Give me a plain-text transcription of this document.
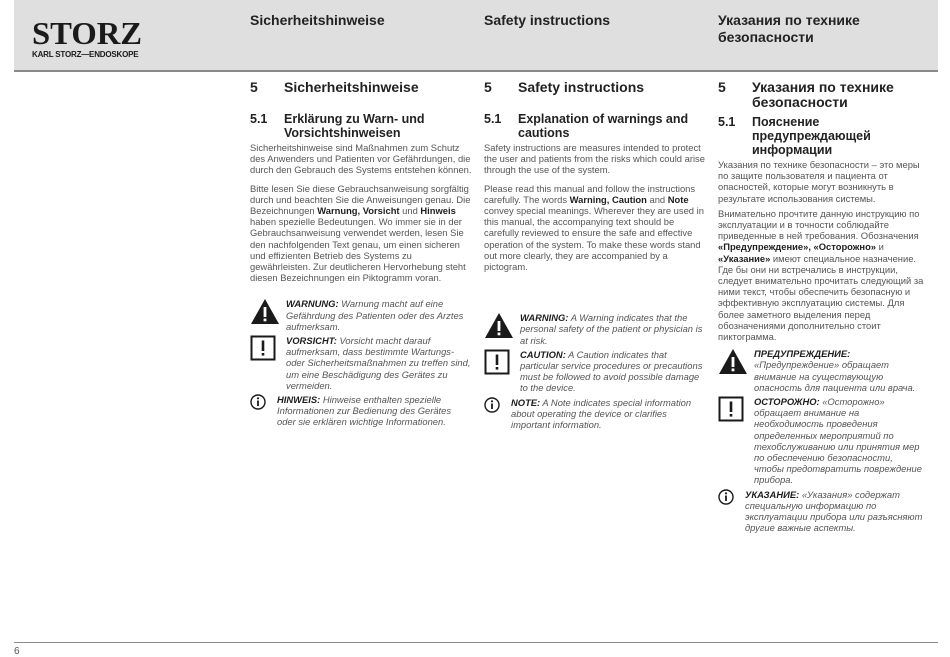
STORZ
KARL STORZ—ENDOSKOPE
Sicherheitshinweise	Safety instructions	Указания по технике безопасности
5	Sicherheitshinweise
5.1	Erklärung zu Warn- und Vorsichtshinweisen

Sicherheitshinweise sind Maßnahmen zum Schutz des Anwenders und Patienten vor Gefährdungen, die durch den Gebrauch des Systems entstehen können.

Bitte lesen Sie diese Gebrauchsanweisung sorgfältig durch und beachten Sie die Anweisungen genau. Die Bezeichnungen Warnung, Vorsicht und Hinweis haben spezielle Bedeutungen. Wo immer sie in der Gebrauchsanweisung verwendet werden, lesen Sie den nachfolgenden Text genau, um einen sicheren und effizienten Betrieb des Systems zu gewährleisten. Zur deutlicheren Hervorhebung steht diesen Bezeichnungen ein Piktogramm voran.

WARNUNG: Warnung macht auf eine Gefährdung des Patienten oder des Arztes aufmerksam.
VORSICHT: Vorsicht macht darauf aufmerksam, dass bestimmte Wartungs- oder Sicherheitsmaßnahmen zu treffen sind, um eine Beschädigung des Gerätes zu vermeiden.
HINWEIS: Hinweise enthalten spezielle Informationen zur Bedienung des Gerätes oder sie erklären wichtige Informationen.
5	Safety instructions
5.1	Explanation of warnings and cautions

Safety instructions are measures intended to protect the user and patients from the risks which could arise through the use of the system.

Please read this manual and follow the instructions carefully. The words Warning, Caution and Note convey special meanings. Wherever they are used in this manual, the accompanying text should be carefully reviewed to ensure the safe and effective operation of the system. To make these words stand out more clearly, they are accompanied by a pictogram.

WARNING: A Warning indicates that the personal safety of the patient or physician is at risk.
CAUTION: A Caution indicates that particular service procedures or precautions must be followed to avoid possible damage to the device.
NOTE: A Note indicates special information about operating the device or clarifies important information.
5	Указания по технике безопасности
5.1	Пояснение предупреждающей информации

Указания по технике безопасности – это меры по защите пользователя и пациента от опасностей, которые могут возникнуть в результате использования системы.

Внимательно прочтите данную инструкцию по эксплуатации и в точности соблюдайте приведенные в ней требования. Обозначения «Предупреждение», «Осторожно» и «Указание» имеют специальное назначение. Где бы они ни встречались в инструкции, следует внимательно прочитать следующий за ними текст, чтобы обеспечить безопасную и эффективную эксплуатацию системы. Для более заметного выделения перед обозначениями дополнительно стоит пиктограмма.

ПРЕДУПРЕЖДЕНИЕ: «Предупреждение» обращает внимание на существующую опасность для пациента или врача.
ОСТОРОЖНО: «Осторожно» обращает внимание на необходимость проведения определенных мероприятий по техобслуживанию или принятия мер по обеспечению безопасности, чтобы предотвратить повреждение прибора.
УКАЗАНИЕ: «Указания» содержат специальную информацию по эксплуатации прибора или разъясняют другие важные аспекты.
6
